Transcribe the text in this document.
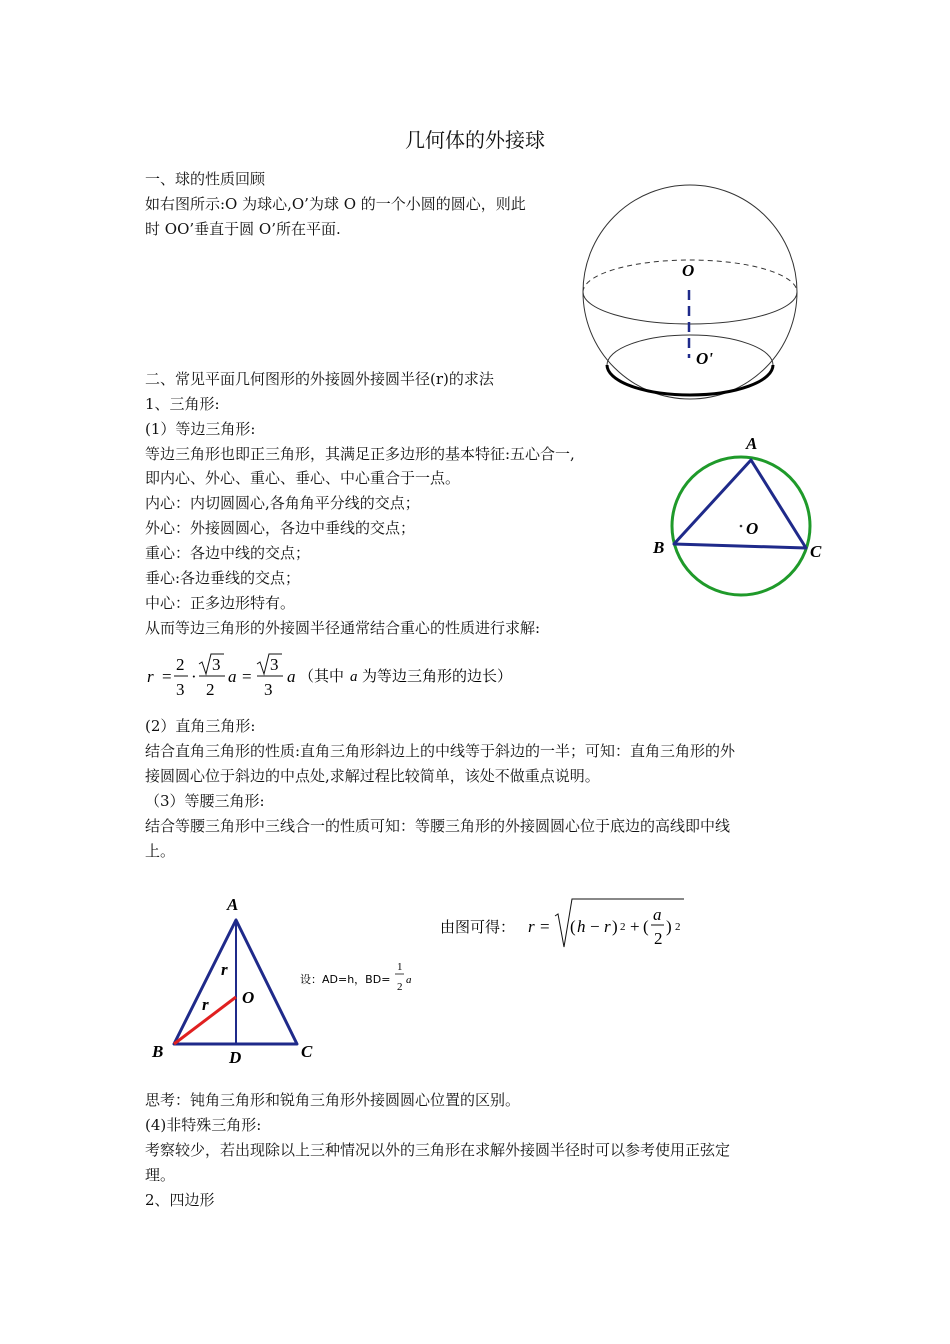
几何体的外接球
一、球的性质回顾
如右图所示:O 为球心,O’为球 O 的一个小圆的圆心，则此
时 OO’垂直于圆 O’所在平面.
O
O'
二、常见平面几何图形的外接圆外接圆半径(r)的求法
1、三角形:
(1）等边三角形:
等边三角形也即正三角形，其满足正多边形的基本特征:五心合一,
即内心、外心、重心、垂心、中心重合于一点。
内心：内切圆圆心,各角角平分线的交点；
外心：外接圆圆心，各边中垂线的交点；
重心：各边中线的交点；
垂心:各边垂线的交点；
中心：正多边形特有。
从而等边三角形的外接圆半径通常结合重心的性质进行求解:
A
B	C
O
r =
2
3
·
3
2
a =
3
3
a （其中 a 为等边三角形的边长）
(2）直角三角形:
结合直角三角形的性质:直角三角形斜边上的中线等于斜边的一半；可知：直角三角形的外
接圆圆心位于斜边的中点处,求解过程比较简单，该处不做重点说明。
（3）等腰三角形:
结合等腰三角形中三线合一的性质可知：等腰三角形的外接圆圆心位于底边的高线即中线
上。
A
B	C
D
O
r
r
设：AD=h，BD=
1
2
a
由图可得： r = ( h − r ) 2 + (
a
2
) 2
思考：钝角三角形和锐角三角形外接圆圆心位置的区别。
(4)非特殊三角形:
考察较少，若出现除以上三种情况以外的三角形在求解外接圆半径时可以参考使用正弦定
理。
2、四边形
